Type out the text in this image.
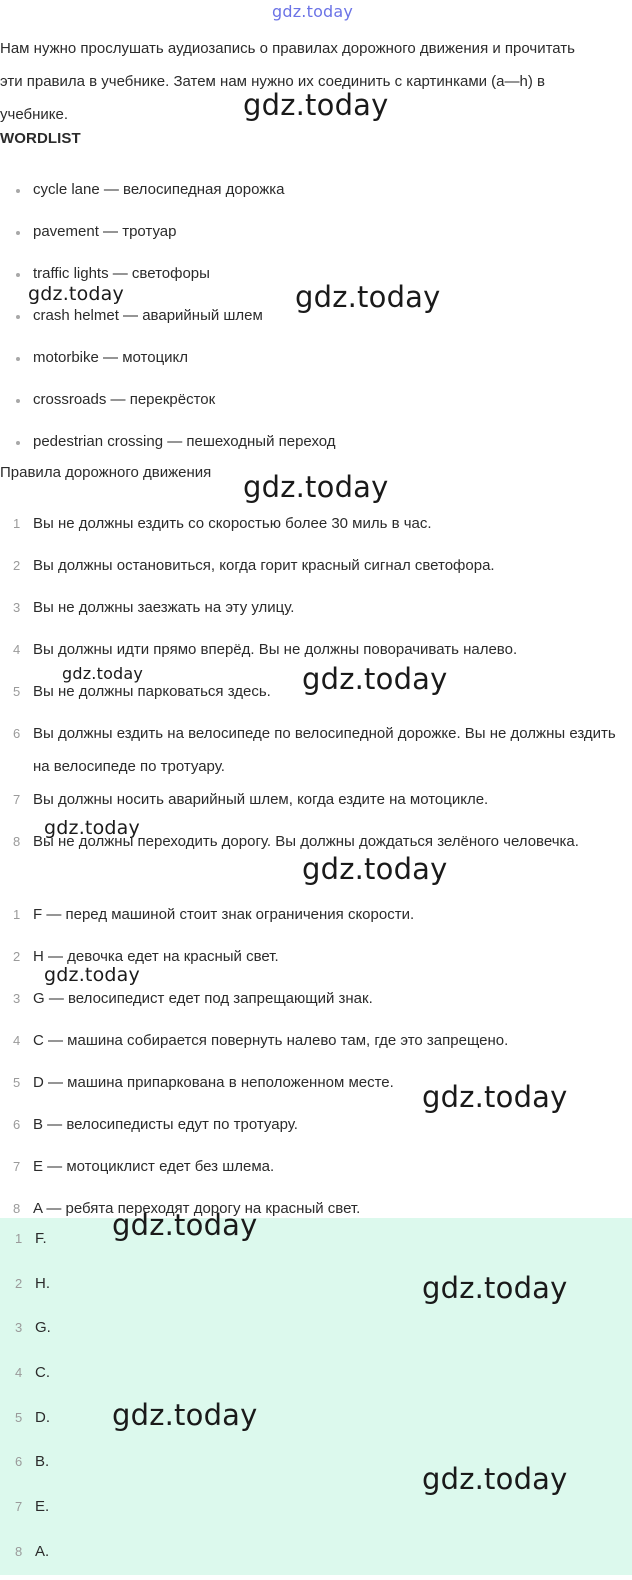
gdz.today

Нам нужно прослушать аудиозапись о правилах дорожного движения и прочитать эти правила в учебнике. Затем нам нужно их соединить с картинками (a—h) в учебнике.

WORDLIST
cycle lane — велосипедная дорожка
pavement — тротуар
traffic lights — светофоры
crash helmet — аварийный шлем
motorbike — мотоцикл
crossroads — перекрёсток
pedestrian crossing — пешеходный переход
Правила дорожного движения
1 Вы не должны ездить со скоростью более 30 миль в час.
2 Вы должны остановиться, когда горит красный сигнал светофора.
3 Вы не должны заезжать на эту улицу.
4 Вы должны идти прямо вперёд. Вы не должны поворачивать налево.
5 Вы не должны парковаться здесь.
6 Вы должны ездить на велосипеде по велосипедной дорожке. Вы не должны ездить на велосипеде по тротуару.
7 Вы должны носить аварийный шлем, когда ездите на мотоцикле.
8 Вы не должны переходить дорогу. Вы должны дождаться зелёного человечка.
1 F — перед машиной стоит знак ограничения скорости.
2 H — девочка едет на красный свет.
3 G — велосипедист едет под запрещающий знак.
4 C — машина собирается повернуть налево там, где это запрещено.
5 D — машина припаркована в неположенном месте.
6 B — велосипедисты едут по тротуару.
7 E — мотоциклист едет без шлема.
8 A — ребята переходят дорогу на красный свет.
1 F.
2 H.
3 G.
4 C.
5 D.
6 B.
7 E.
8 A.
gdz.today
gdz.today	gdz.today
gdz.today
gdz.today	gdz.today
gdz.today
gdz.today
gdz.today
gdz.today
gdz.today
gdz.today
gdz.today
gdz.today
